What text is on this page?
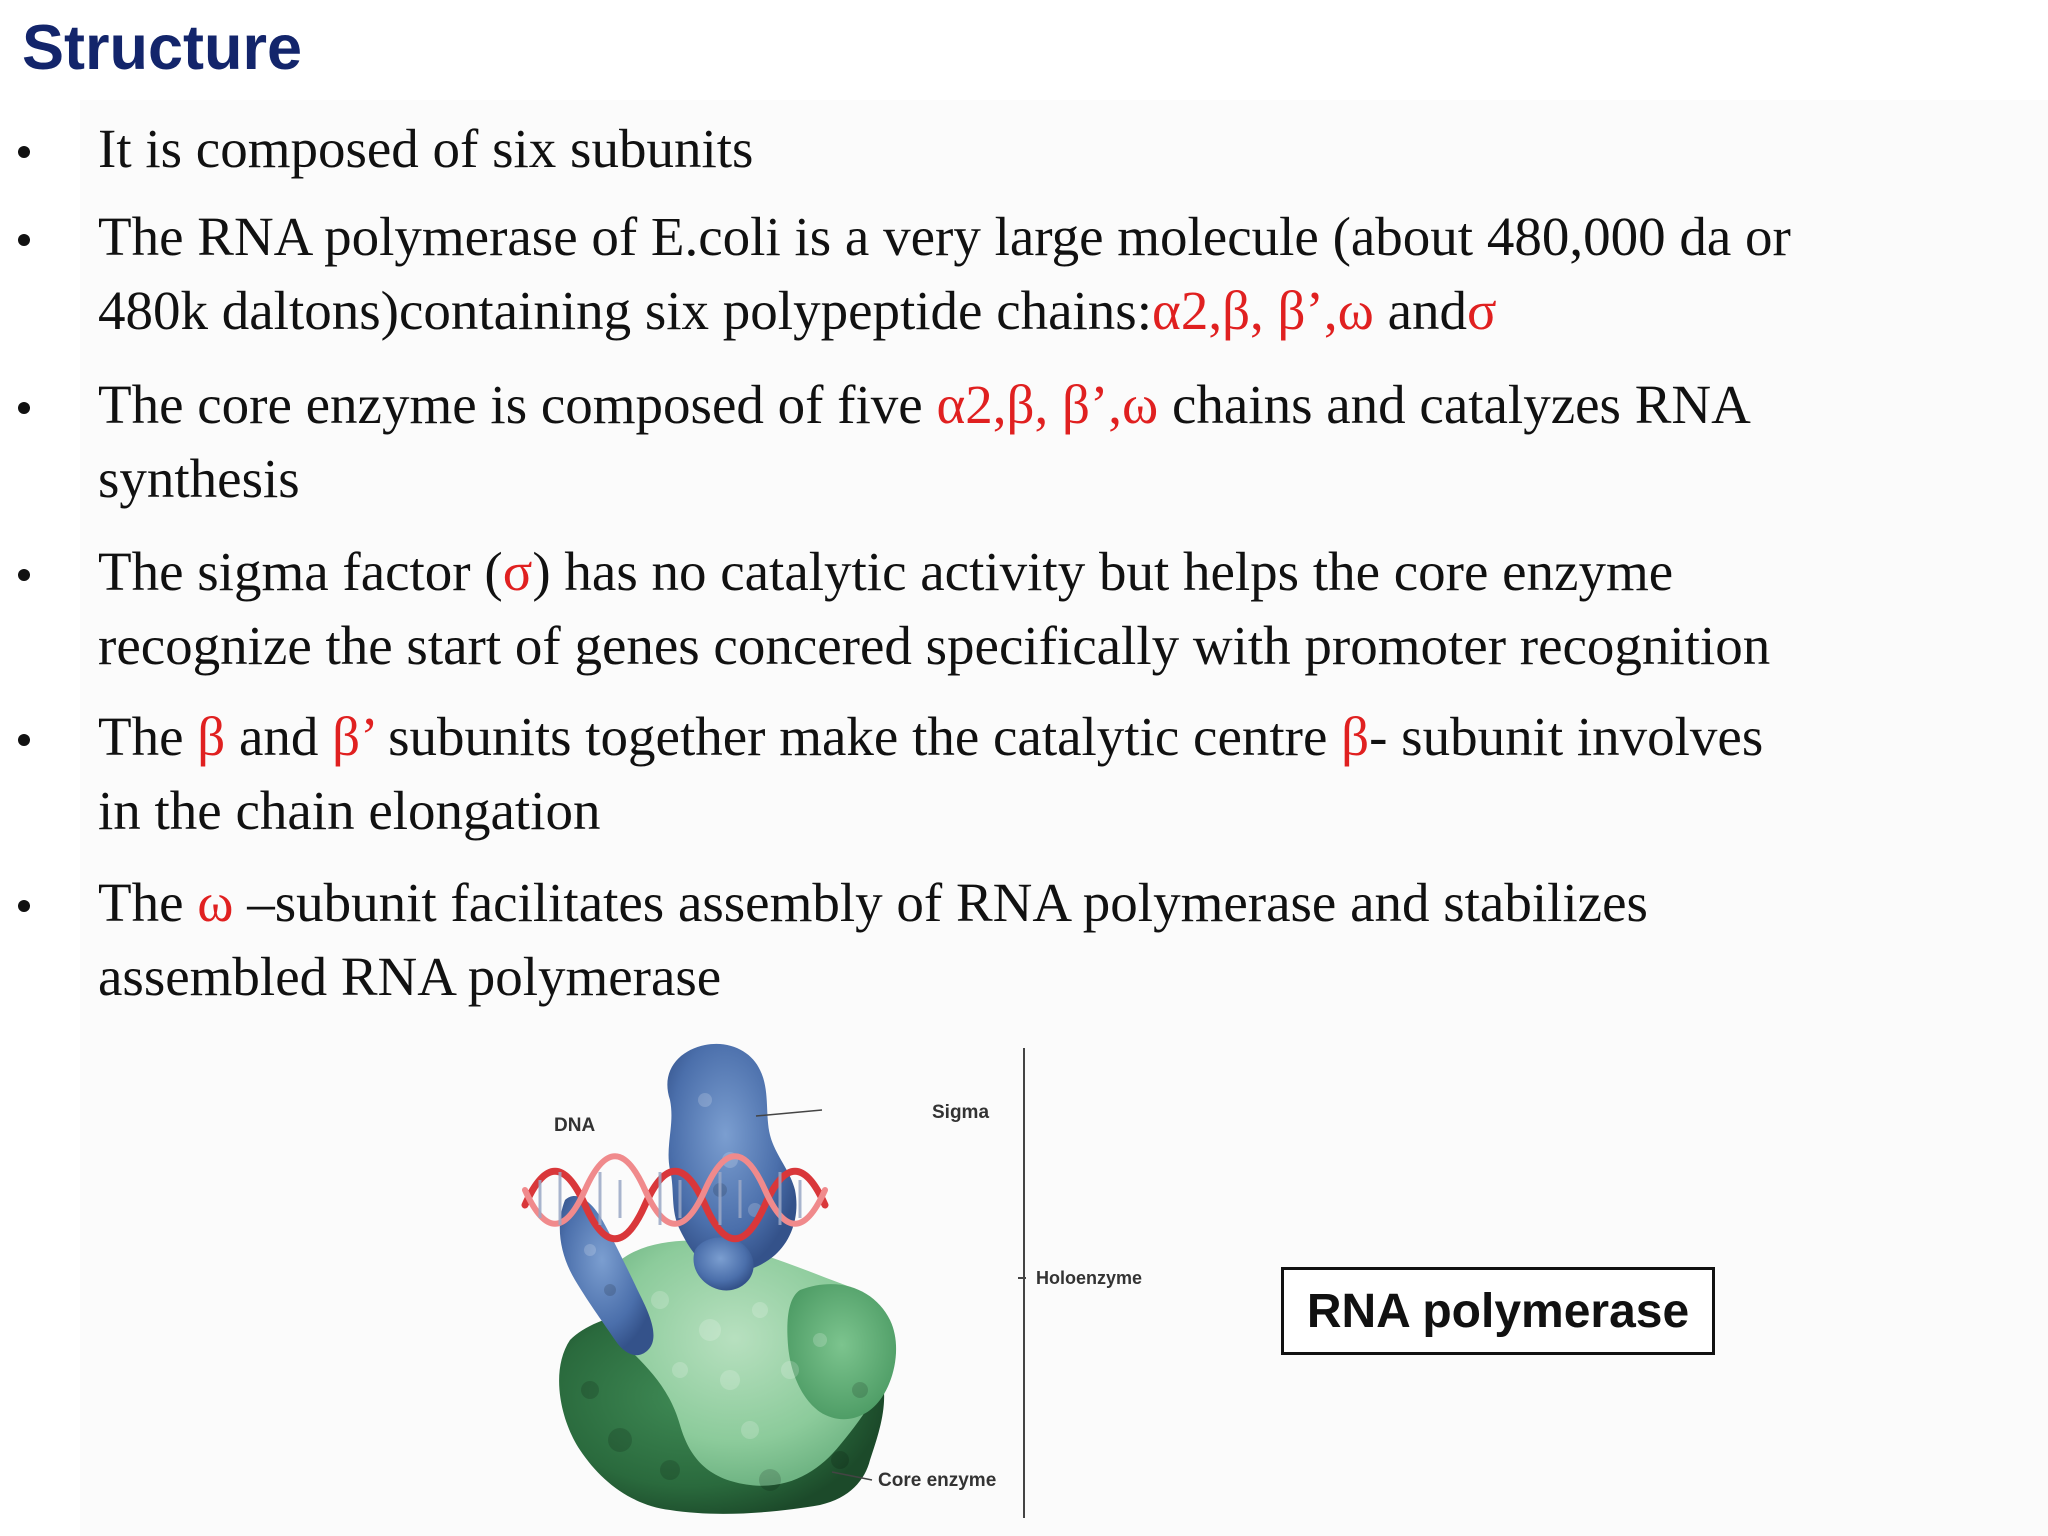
Structure

It is composed of six subunits

The RNA polymerase of E.coli is a very large molecule (about 480,000 da or

480k daltons)containing six polypeptide chains:α2,β, β’,ω andσ

The core enzyme is composed of five α2,β, β’,ω chains and catalyzes RNA

synthesis

The sigma factor (σ) has no catalytic activity but helps the core enzyme

recognize the start of genes concered specifically with promoter recognition

The β and β’ subunits together make the catalytic centre β- subunit involves

in the chain elongation

The ω –subunit facilitates assembly of RNA polymerase and stabilizes

assembled RNA polymerase

DNA
Sigma
Holoenzyme
Core enzyme
RNA polymerase
